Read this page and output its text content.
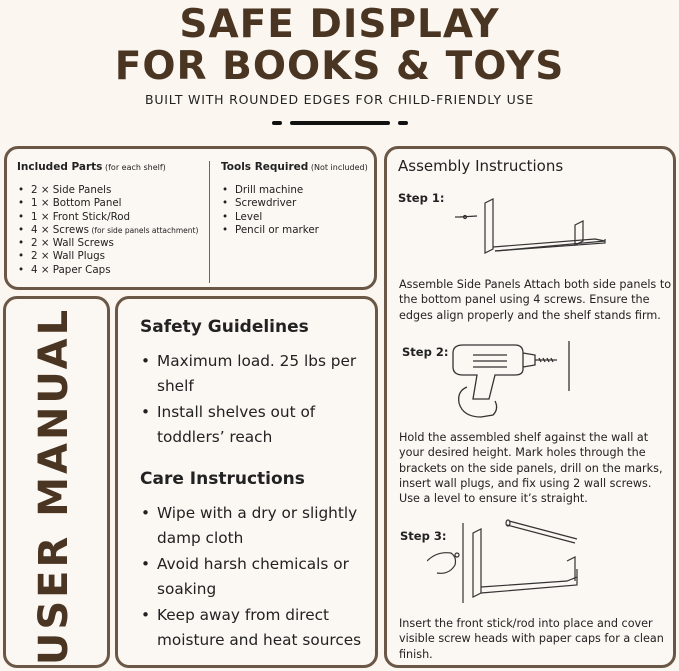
SAFE DISPLAY
FOR BOOKS & TOYS
BUILT WITH ROUNDED EDGES FOR CHILD-FRIENDLY USE
Included Parts (for each shelf)
• 2 × Side Panels
• 1 × Bottom Panel
• 1 × Front Stick/Rod
• 4 × Screws (for side panels attachment)
• 2 × Wall Screws
• 2 × Wall Plugs
• 4 × Paper Caps
Tools Required (Not included)
• Drill machine
• Screwdriver
• Level
• Pencil or marker
USER MANUAL	Safety Guidelines
• Maximum load. 25 lbs per shelf
• Install shelves out of toddlers’ reach
Care Instructions
• Wipe with a dry or slightly damp cloth
• Avoid harsh chemicals or soaking
• Keep away from direct moisture and heat sources
Assembly Instructions
Step 1:
Assemble Side Panels Attach both side panels to the bottom panel using 4 screws. Ensure the edges align properly and the shelf stands firm.
Step 2:
Hold the assembled shelf against the wall at your desired height. Mark holes through the brackets on the side panels, drill on the marks, insert wall plugs, and fix using 2 wall screws. Use a level to ensure it’s straight.
Step 3:
Insert the front stick/rod into place and cover visible screw heads with paper caps for a clean finish.
